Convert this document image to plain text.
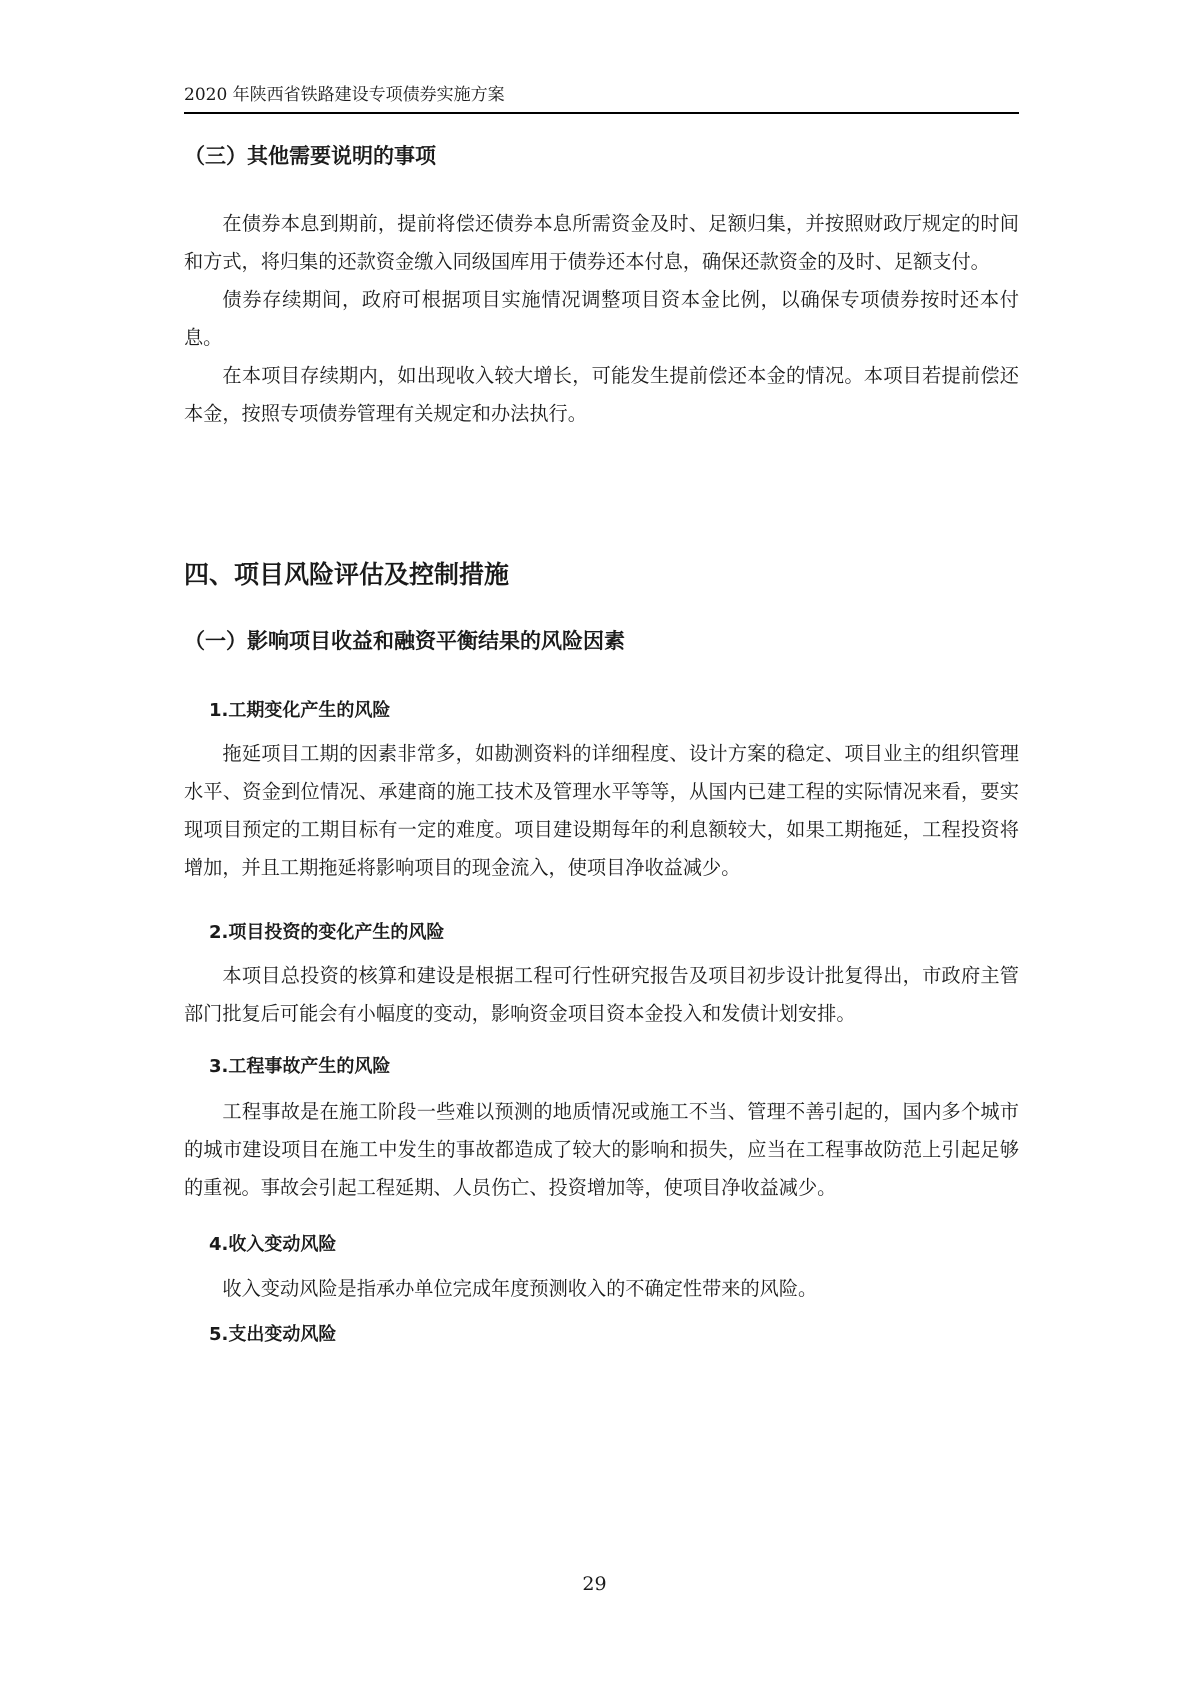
2020 年陕西省铁路建设专项债券实施方案
（三）其他需要说明的事项

在债券本息到期前，提前将偿还债券本息所需资金及时、足额归集，并按照财政厅规定的时间和方式，将归集的还款资金缴入同级国库用于债券还本付息，确保还款资金的及时、足额支付。

债券存续期间，政府可根据项目实施情况调整项目资本金比例，以确保专项债券按时还本付息。

在本项目存续期内，如出现收入较大增长，可能发生提前偿还本金的情况。本项目若提前偿还本金，按照专项债券管理有关规定和办法执行。

四、项目风险评估及控制措施
（一）影响项目收益和融资平衡结果的风险因素
1.工期变化产生的风险

拖延项目工期的因素非常多，如勘测资料的详细程度、设计方案的稳定、项目业主的组织管理水平、资金到位情况、承建商的施工技术及管理水平等等，从国内已建工程的实际情况来看，要实现项目预定的工期目标有一定的难度。项目建设期每年的利息额较大，如果工期拖延，工程投资将增加，并且工期拖延将影响项目的现金流入，使项目净收益减少。

2.项目投资的变化产生的风险

本项目总投资的核算和建设是根据工程可行性研究报告及项目初步设计批复得出，市政府主管部门批复后可能会有小幅度的变动，影响资金项目资本金投入和发债计划安排。

3.工程事故产生的风险

工程事故是在施工阶段一些难以预测的地质情况或施工不当、管理不善引起的，国内多个城市的城市建设项目在施工中发生的事故都造成了较大的影响和损失，应当在工程事故防范上引起足够的重视。事故会引起工程延期、人员伤亡、投资增加等，使项目净收益减少。

4.收入变动风险

收入变动风险是指承办单位完成年度预测收入的不确定性带来的风险。

5.支出变动风险
29
